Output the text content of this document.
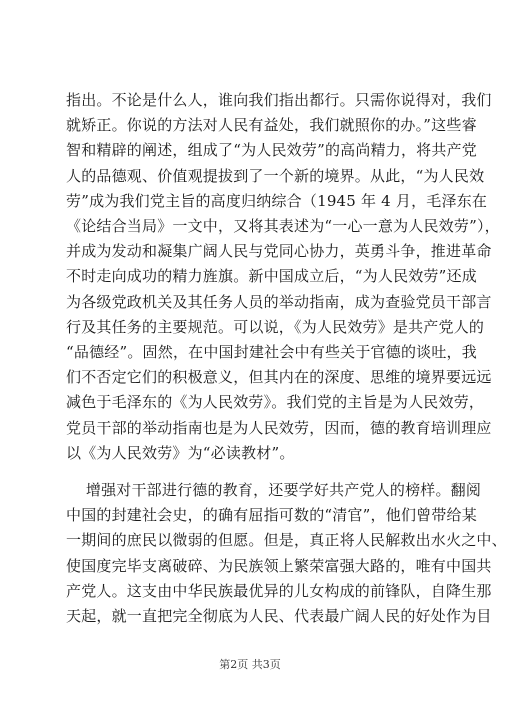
指出。不论是什么人，谁向我们指出都行。只需你说得对，我们
就矫正。你说的方法对人民有益处，我们就照你的办。”这些睿
智和精辟的阐述，组成了“为人民效劳”的高尚精力，将共产党
人的品德观、价值观提拔到了一个新的境界。从此，“为人民效
劳”成为我们党主旨的高度归纳综合（1945 年 4 月，毛泽东在
《论结合当局》一文中，又将其表述为“一心一意为人民效劳”），
并成为发动和凝集广阔人民与党同心协力，英勇斗争，推进革命
不时走向成功的精力旌旗。新中国成立后，“为人民效劳”还成
为各级党政机关及其任务人员的举动指南，成为查验党员干部言
行及其任务的主要规范。可以说，《为人民效劳》是共产党人的
“品德经”。固然，在中国封建社会中有些关于官德的谈吐，我
们不否定它们的积极意义，但其内在的深度、思维的境界要远远
减色于毛泽东的《为人民效劳》。我们党的主旨是为人民效劳，
党员干部的举动指南也是为人民效劳，因而，德的教育培训理应
以《为人民效劳》为“必读教材”。
增强对干部进行德的教育，还要学好共产党人的榜样。翻阅
中国的封建社会史，的确有屈指可数的“清官”，他们曾带给某
一期间的庶民以微弱的但愿。但是，真正将人民解救出水火之中、
使国度完毕支离破碎、为民族领上繁荣富强大路的，唯有中国共
产党人。这支由中华民族最优异的儿女构成的前锋队，自降生那
天起，就一直把完全彻底为人民、代表最广阔人民的好处作为目
第2页 共3页
